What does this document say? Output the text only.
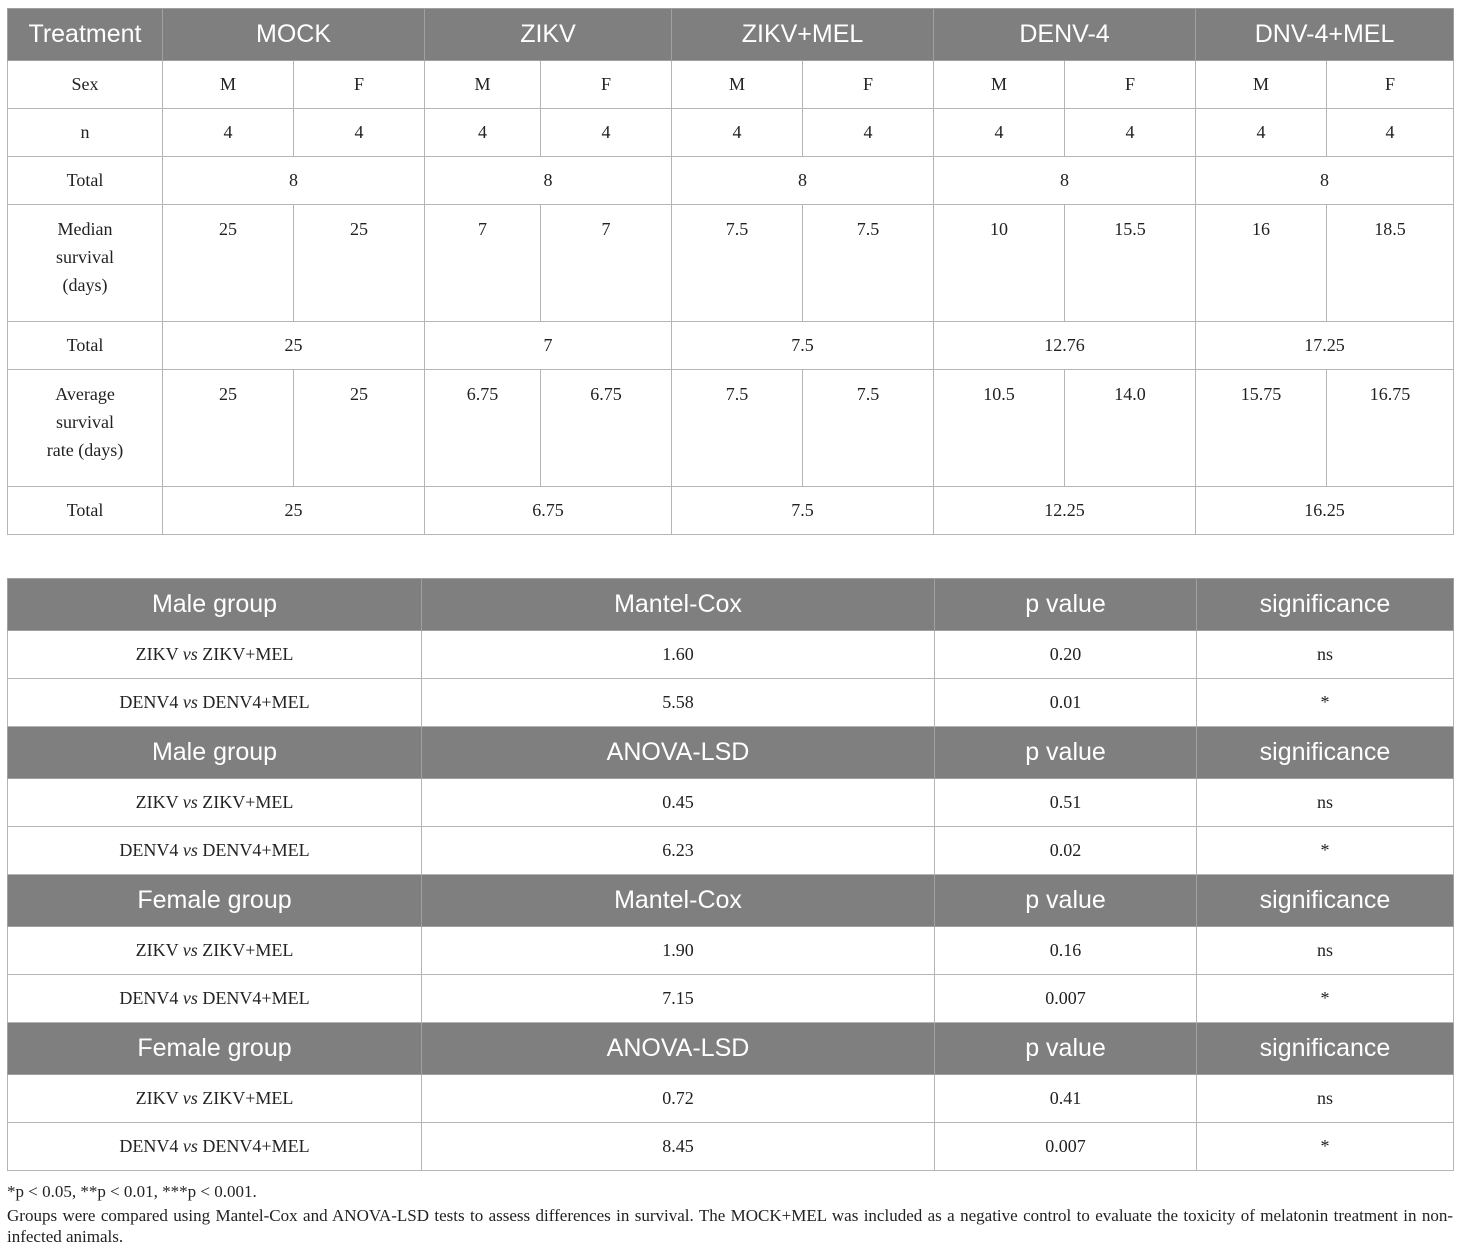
Treatment	MOCK		ZIKV		ZIKV+MEL		DENV-4		DNV-4+MEL	
Sex	M	F	M	F	M	F	M	F	M	F
n	4	4	4	4	4	4	4	4	4	4
Total	8		8		8		8		8	
Median
survival
(days)	25	25	7	7	7.5	7.5	10	15.5	16	18.5
Total	25		7		7.5		12.76		17.25	
Average
survival
rate (days)	25	25	6.75	6.75	7.5	7.5	10.5	14.0	15.75	16.75
Total	25		6.75		7.5		12.25		16.25	
Male group	Mantel-Cox	p value	significance
ZIKV vs ZIKV+MEL	1.60	0.20	ns
DENV4 vs DENV4+MEL	5.58	0.01	*
Male group	ANOVA-LSD	p value	significance
ZIKV vs ZIKV+MEL	0.45	0.51	ns
DENV4 vs DENV4+MEL	6.23	0.02	*
Female group	Mantel-Cox	p value	significance
ZIKV vs ZIKV+MEL	1.90	0.16	ns
DENV4 vs DENV4+MEL	7.15	0.007	*
Female group	ANOVA-LSD	p value	significance
ZIKV vs ZIKV+MEL	0.72	0.41	ns
DENV4 vs DENV4+MEL	8.45	0.007	*
*p < 0.05, **p < 0.01, ***p < 0.001.
Groups were compared using Mantel-Cox and ANOVA-LSD tests to assess differences in survival. The MOCK+MEL was included as a negative control to evaluate the toxicity of melatonin treatment in non-infected animals.
